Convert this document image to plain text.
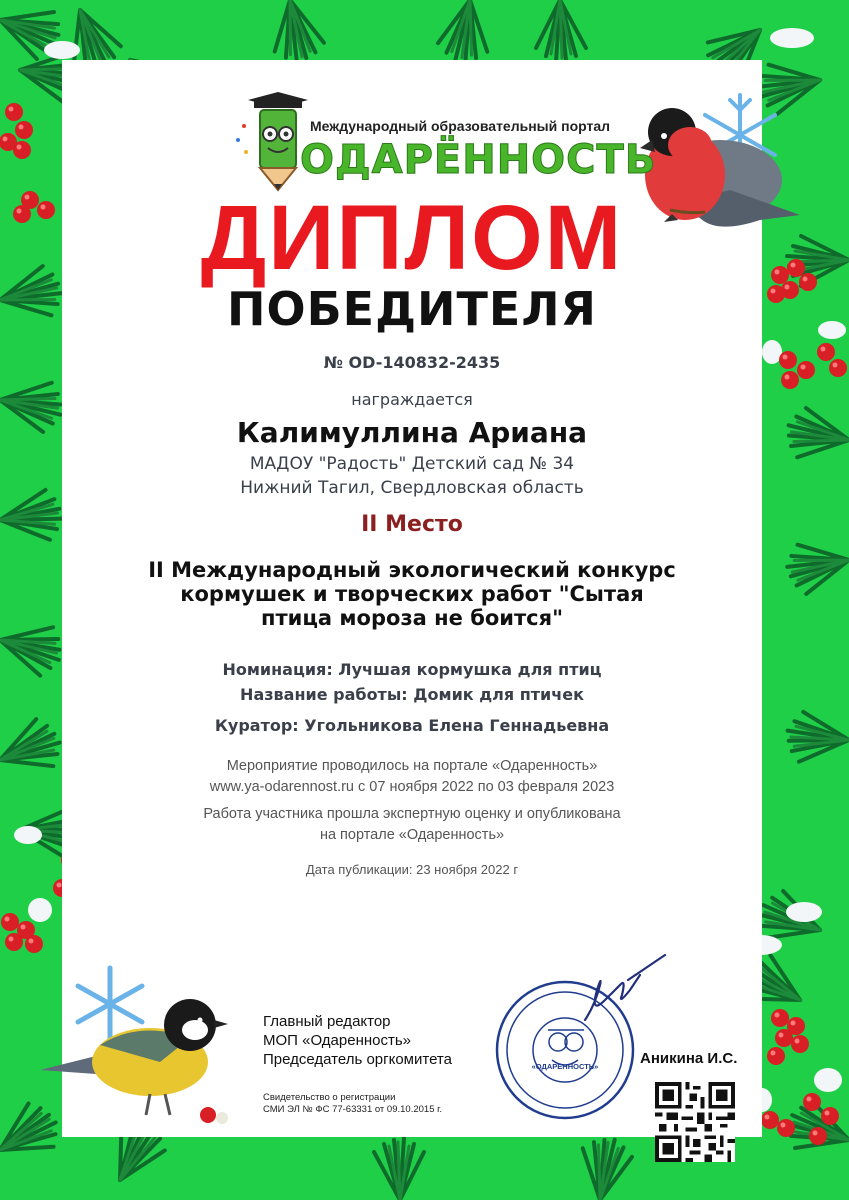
Международный образовательный портал
ОДАРЁННОСТЬ
ДИПЛОМ
ПОБЕДИТЕЛЯ
№ OD-140832-2435
награждается
Калимуллина Ариана
МАДОУ "Радость" Детский сад № 34
Нижний Тагил, Свердловская область
II Место
II Международный экологический конкурс
кормушек и творческих работ "Сытая
птица мороза не боится"
Номинация: Лучшая кормушка для птиц
Название работы: Домик для птичек
Куратор: Угольникова Елена Геннадьевна
Мероприятие проводилось на портале «Одаренность»
www.ya-odarennost.ru с 07 ноября 2022 по 03 февраля 2023
Работа участника прошла экспертную оценку и опубликована
на портале «Одаренность»
Дата публикации: 23 ноября 2022 г
Главный редактор
МОП «Одаренность»
Председатель оргкомитета
Свидетельство о регистрации
СМИ ЭЛ № ФС 77-63331 от 09.10.2015 г.
Аникина И.С.
«ОДАРЕННОСТЬ»
